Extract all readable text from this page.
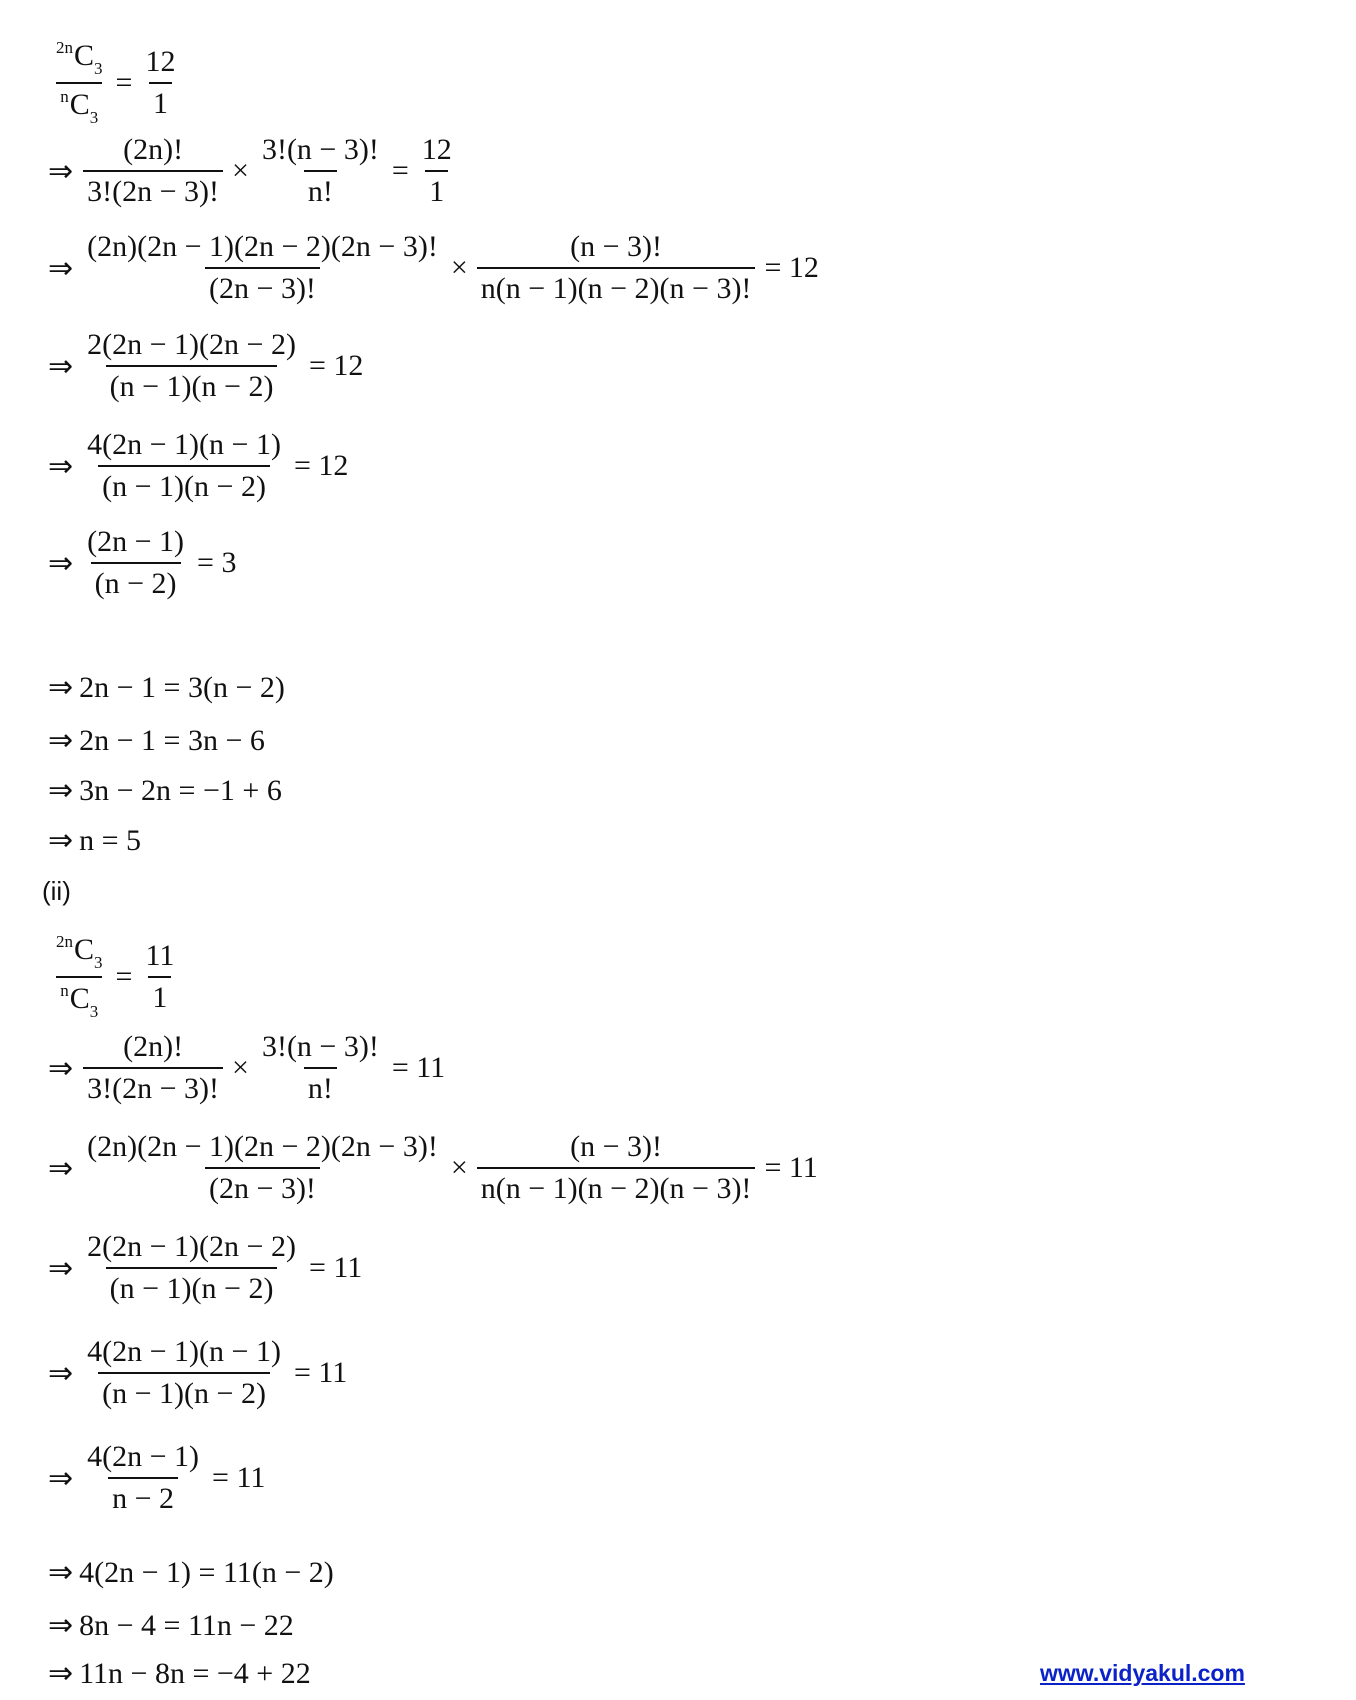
$\frac{^{2n}C_3}{^nC_3} = \frac{12}{1}$
⇒ $\frac{(2n)!}{3!(2n - 3)!} \times \frac{3!(n - 3)!}{n!} = \frac{12}{1}$
⇒ $\frac{(2n)(2n - 1)(2n - 2)(2n - 3)!}{(2n - 3)!} \times \frac{(n - 3)!}{n(n - 1)(n - 2)(n - 3)!} = 12$
⇒ $\frac{2(2n - 1)(2n - 2)}{(n - 1)(n - 2)} = 12$
⇒ $\frac{4(2n - 1)(n - 1)}{(n - 1)(n - 2)} = 12$
⇒ $\frac{(2n - 1)}{(n - 2)} = 3$
⇒ 2n − 1 = 3(n − 2)
⇒ 2n − 1 = 3n − 6
⇒ 3n − 2n = −1 + 6
⇒ n = 5
(ii)
$\frac{^{2n}C_3}{^nC_3} = \frac{11}{1}$
⇒ $\frac{(2n)!}{3!(2n - 3)!} \times \frac{3!(n - 3)!}{n!} = 11$
⇒ $\frac{(2n)(2n - 1)(2n - 2)(2n - 3)!}{(2n - 3)!} \times \frac{(n - 3)!}{n(n - 1)(n - 2)(n - 3)!} = 11$
⇒ $\frac{2(2n - 1)(2n - 2)}{(n - 1)(n - 2)} = 11$
⇒ $\frac{4(2n - 1)(n - 1)}{(n - 1)(n - 2)} = 11$
⇒ $\frac{4(2n - 1)}{n - 2} = 11$
⇒ 4(2n − 1) = 11(n − 2)
⇒ 8n − 4 = 11n − 22
⇒ 11n − 8n = −4 + 22	www.vidyakul.com
